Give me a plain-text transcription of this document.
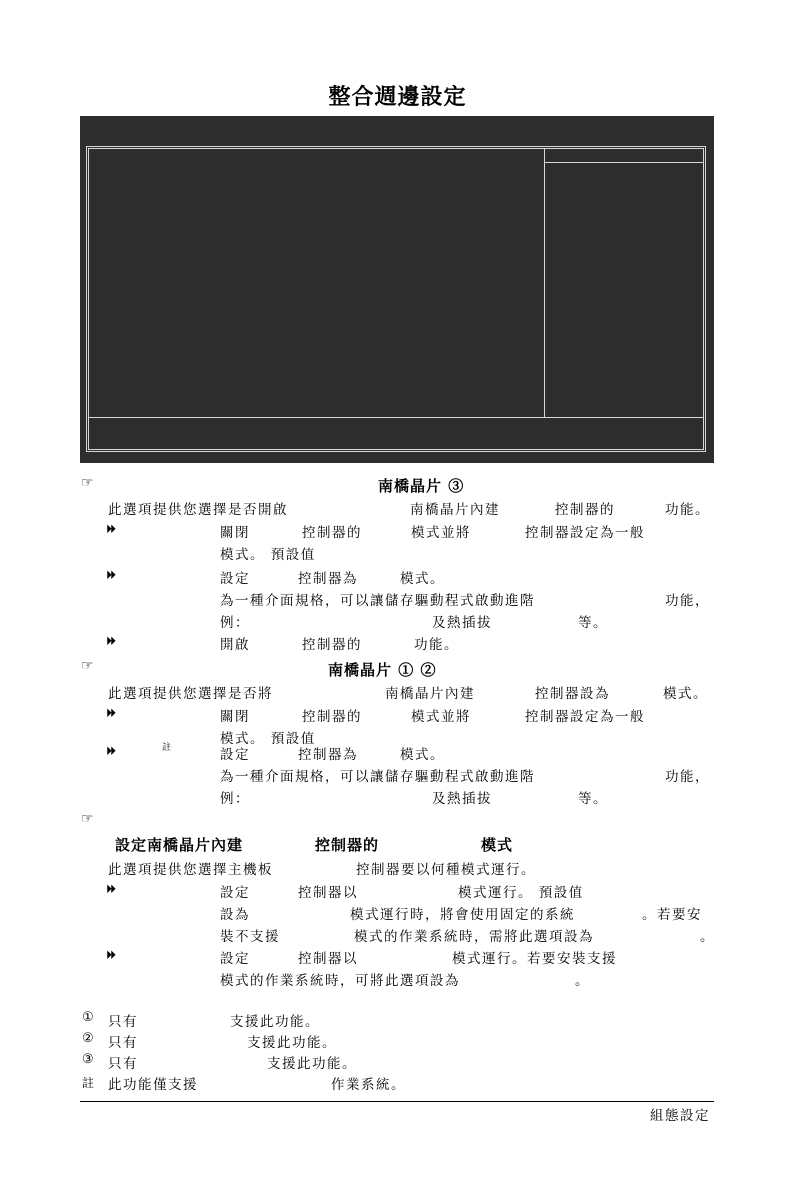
整合週邊設定
☞	南橋晶片 ③
此選項提供您選擇是否開啟	南橋晶片內建	控制器的	功能。
⏵⏵	關閉	控制器的	模式並將	控制器設定為一般
模式。 預設值
⏵⏵	設定	控制器為	模式。
為一種介面規格，可以讓儲存驅動程式啟動進階	功能，
例：	及熱插拔	等。
⏵⏵	開啟	控制器的	功能。
☞	南橋晶片 ① ②
此選項提供您選擇是否將	南橋晶片內建	控制器設為	模式。
⏵⏵	關閉	控制器的	模式並將	控制器設定為一般
模式。 預設值
⏵⏵	註	設定	控制器為	模式。
為一種介面規格，可以讓儲存驅動程式啟動進階	功能，
例：	及熱插拔	等。
☞
設定南橋晶片內建	控制器的	模式
此選項提供您選擇主機板	控制器要以何種模式運行。
⏵⏵	設定	控制器以	模式運行。 預設值
設為	模式運行時，將會使用固定的系統	。若要安
裝不支援	模式的作業系統時，需將此選項設為	。
⏵⏵	設定	控制器以	模式運行。若要安裝支援
模式的作業系統時，可將此選項設為	。
① 只有	支援此功能。
② 只有	支援此功能。
③ 只有	支援此功能。
註 此功能僅支援	作業系統。
組態設定
